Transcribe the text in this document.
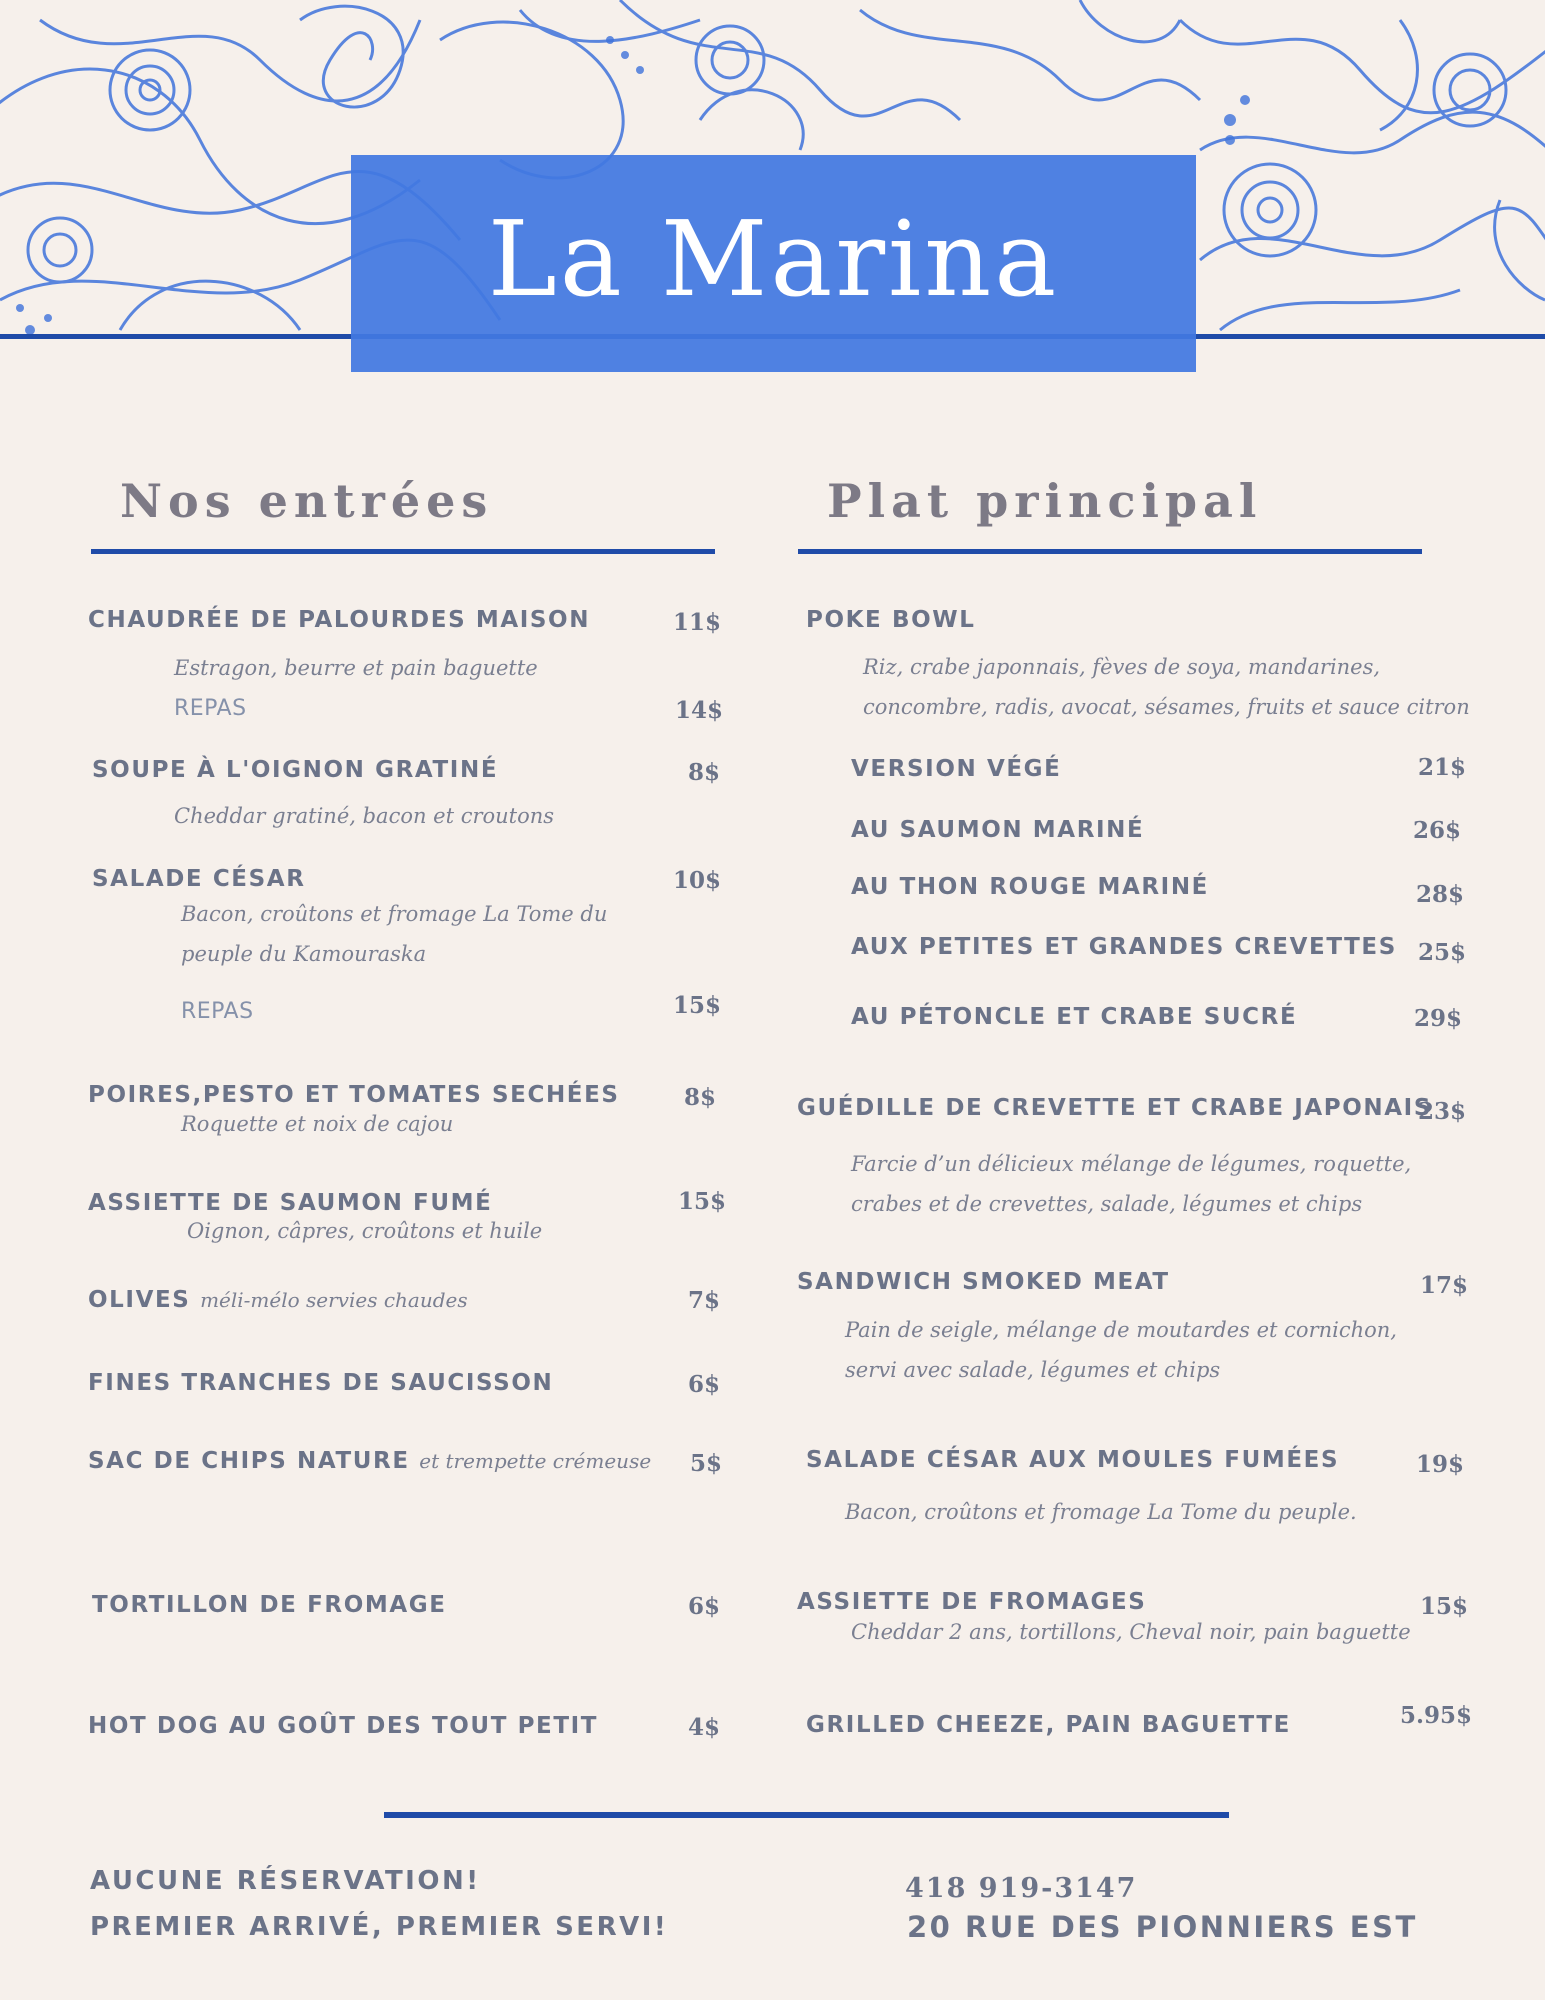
La Marina
Nos entrées
CHAUDRÉE DE PALOURDES MAISON	11$
Estragon, beurre et pain baguette
REPAS	14$
SOUPE À L'OIGNON GRATINÉ	8$
Cheddar gratiné, bacon et croutons
SALADE CÉSAR	10$
Bacon, croûtons et fromage La Tome du
peuple du Kamouraska
REPAS	15$
POIRES,PESTO ET TOMATES SECHÉES	8$
Roquette et noix de cajou
ASSIETTE DE SAUMON FUMÉ	15$
Oignon, câpres, croûtons et huile
OLIVES méli-mélo servies chaudes	7$
FINES TRANCHES DE SAUCISSON	6$
SAC DE CHIPS NATURE et trempette crémeuse 5$
TORTILLON DE FROMAGE	6$
HOT DOG AU GOÛT DES TOUT PETIT	4$
Plat principal
POKE BOWL
Riz, crabe japonnais, fèves de soya, mandarines,
concombre, radis, avocat, sésames, fruits et sauce citron
VERSION VÉGÉ	21$
AU SAUMON MARINÉ	26$
AU THON ROUGE MARINÉ	28$
AUX PETITES ET GRANDES CREVETTES 25$
AU PÉTONCLE ET CRABE SUCRÉ	29$
GUÉDILLE DE CREVETTE ET CRABE JAPONAIS
23$
Farcie d’un délicieux mélange de légumes, roquette,
crabes et de crevettes, salade, légumes et chips
SANDWICH SMOKED MEAT	17$
Pain de seigle, mélange de moutardes et cornichon,
servi avec salade, légumes et chips
SALADE CÉSAR AUX MOULES FUMÉES	19$
Bacon, croûtons et fromage La Tome du peuple.
ASSIETTE DE FROMAGES	15$
Cheddar 2 ans, tortillons, Cheval noir, pain baguette
GRILLED CHEEZE, PAIN BAGUETTE	5.95$
AUCUNE RÉSERVATION!
PREMIER ARRIVÉ, PREMIER SERVI!
418 919-3147
20 RUE DES PIONNIERS EST
